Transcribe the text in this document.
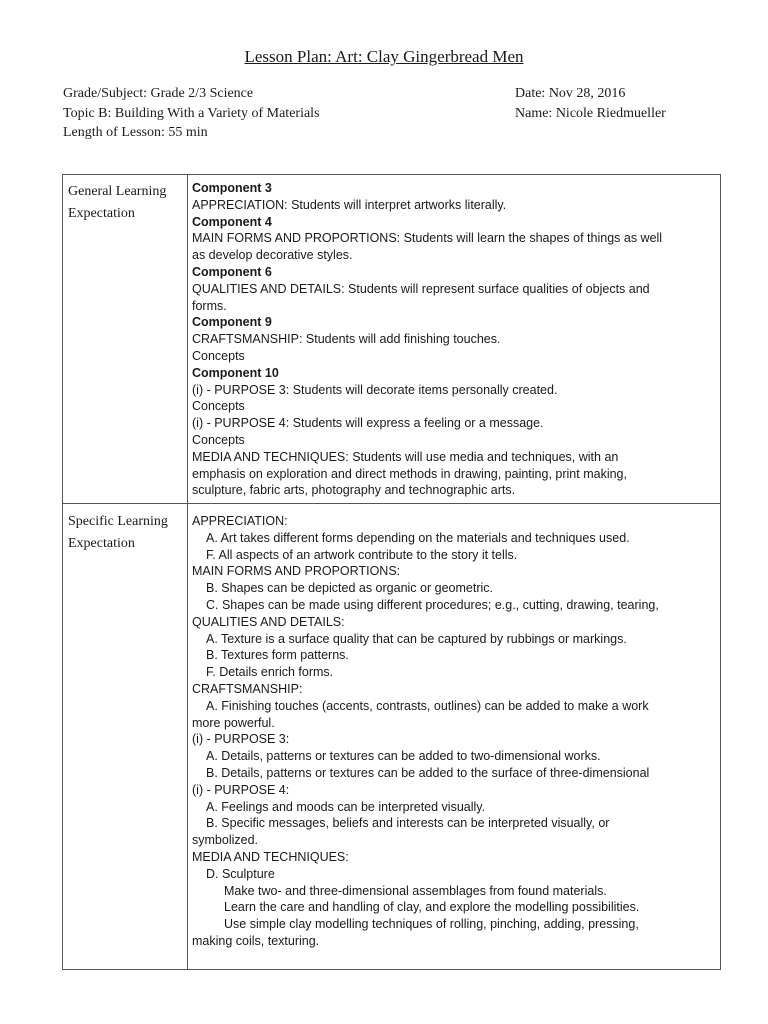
Lesson Plan: Art: Clay Gingerbread Men
Grade/Subject: Grade 2/3 Science
Topic B: Building With a Variety of Materials
Length of Lesson: 55 min
Date: Nov 28, 2016
Name: Nicole Riedmueller
General Learning
Expectation
Component 3
APPRECIATION: Students will interpret artworks literally.
Component 4
MAIN FORMS AND PROPORTIONS: Students will learn the shapes of things as well
as develop decorative styles.
Component 6
QUALITIES AND DETAILS: Students will represent surface qualities of objects and
forms.
Component 9
CRAFTSMANSHIP: Students will add finishing touches.
Concepts
Component 10
(i) - PURPOSE 3: Students will decorate items personally created.
Concepts
(i) - PURPOSE 4: Students will express a feeling or a message.
Concepts
MEDIA AND TECHNIQUES: Students will use media and techniques, with an
emphasis on exploration and direct methods in drawing, painting, print making,
sculpture, fabric arts, photography and technographic arts.
Specific Learning
Expectation
APPRECIATION:
A. Art takes different forms depending on the materials and techniques used.
F. All aspects of an artwork contribute to the story it tells.
MAIN FORMS AND PROPORTIONS:
B. Shapes can be depicted as organic or geometric.
C. Shapes can be made using different procedures; e.g., cutting, drawing, tearing,
QUALITIES AND DETAILS:
A. Texture is a surface quality that can be captured by rubbings or markings.
B. Textures form patterns.
F. Details enrich forms.
CRAFTSMANSHIP:
A. Finishing touches (accents, contrasts, outlines) can be added to make a work
more powerful.
(i) - PURPOSE 3:
A. Details, patterns or textures can be added to two-dimensional works.
B. Details, patterns or textures can be added to the surface of three-dimensional
(i) - PURPOSE 4:
A. Feelings and moods can be interpreted visually.
B. Specific messages, beliefs and interests can be interpreted visually, or
symbolized.
MEDIA AND TECHNIQUES:
D. Sculpture
Make two- and three-dimensional assemblages from found materials.
Learn the care and handling of clay, and explore the modelling possibilities.
Use simple clay modelling techniques of rolling, pinching, adding, pressing,
making coils, texturing.
